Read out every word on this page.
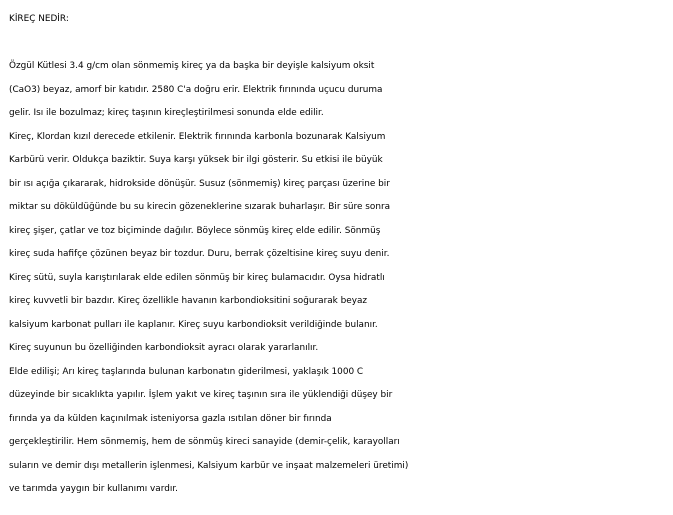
KİREÇ NEDİR:
Özgül Kütlesi 3.4 g/cm olan sönmemiş kireç ya da başka bir deyişle kalsiyum oksit
(CaO3) beyaz, amorf bir katıdır. 2580 C'a doğru erir. Elektrik fırınında uçucu duruma
gelir. Isı ile bozulmaz; kireç taşının kireçleştirilmesi sonunda elde edilir.
Kireç, Klordan kızıl derecede etkilenir. Elektrik fırınında karbonla bozunarak Kalsiyum
Karbürü verir. Oldukça baziktir. Suya karşı yüksek bir ilgi gösterir. Su etkisi ile büyük
bir ısı açığa çıkararak, hidrokside dönüşür. Susuz (sönmemiş) kireç parçası üzerine bir
miktar su döküldüğünde bu su kirecin gözeneklerine sızarak buharlaşır. Bir süre sonra
kireç şişer, çatlar ve toz biçiminde dağılır. Böylece sönmüş kireç elde edilir. Sönmüş
kireç suda hafifçe çözünen beyaz bir tozdur. Duru, berrak çözeltisine kireç suyu denir.
Kireç sütü, suyla karıştırılarak elde edilen sönmüş bir kireç bulamacıdır. Oysa hidratlı
kireç kuvvetli bir bazdır. Kireç özellikle havanın karbondioksitini soğurarak beyaz
kalsiyum karbonat pulları ile kaplanır. Kireç suyu karbondioksit verildiğinde bulanır.
Kireç suyunun bu özelliğinden karbondioksit ayracı olarak yararlanılır.
Elde edilişi; Arı kireç taşlarında bulunan karbonatın giderilmesi, yaklaşık 1000 C
düzeyinde bir sıcaklıkta yapılır. İşlem yakıt ve kireç taşının sıra ile yüklendiği düşey bir
fırında ya da külden kaçınılmak isteniyorsa gazla ısıtılan döner bir fırında
gerçekleştirilir. Hem sönmemiş, hem de sönmüş kireci sanayide (demir-çelik, karayolları
suların ve demir dışı metallerin işlenmesi, Kalsiyum karbür ve inşaat malzemeleri üretimi)
ve tarımda yaygın bir kullanımı vardır.
